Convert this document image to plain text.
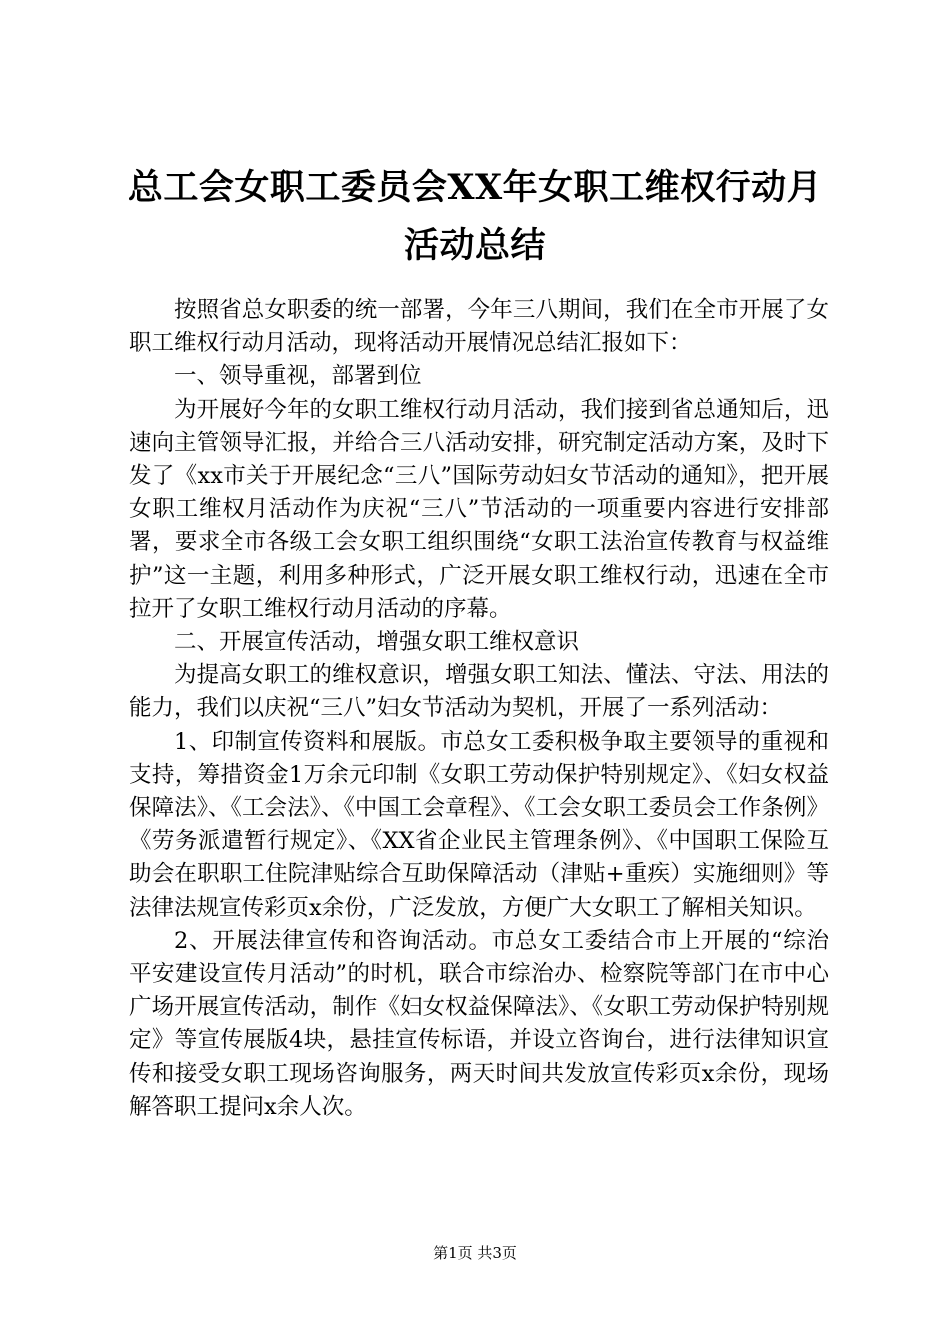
总工会女职工委员会XX年女职工维权行动月
活动总结

按照省总女职委的统一部署，今年三八期间，我们在全市开展了女职工维权行动月活动，现将活动开展情况总结汇报如下：

一、领导重视，部署到位

为开展好今年的女职工维权行动月活动，我们接到省总通知后，迅速向主管领导汇报，并给合三八活动安排，研究制定活动方案，及时下发了《xx市关于开展纪念“三八”国际劳动妇女节活动的通知》，把开展女职工维权月活动作为庆祝“三八”节活动的一项重要内容进行安排部署，要求全市各级工会女职工组织围绕“女职工法治宣传教育与权益维护”这一主题，利用多种形式，广泛开展女职工维权行动，迅速在全市拉开了女职工维权行动月活动的序幕。

二、开展宣传活动，增强女职工维权意识

为提高女职工的维权意识，增强女职工知法、懂法、守法、用法的能力，我们以庆祝“三八”妇女节活动为契机，开展了一系列活动：

1、印制宣传资料和展版。市总女工委积极争取主要领导的重视和支持，筹措资金1万余元印制《女职工劳动保护特别规定》、《妇女权益保障法》、《工会法》、《中国工会章程》、《工会女职工委员会工作条例》《劳务派遣暂行规定》、《XX省企业民主管理条例》、《中国职工保险互助会在职职工住院津贴综合互助保障活动（津贴+重疾）实施细则》等法律法规宣传彩页x余份，广泛发放，方便广大女职工了解相关知识。

2、开展法律宣传和咨询活动。市总女工委结合市上开展的“综治平安建设宣传月活动”的时机，联合市综治办、检察院等部门在市中心广场开展宣传活动，制作《妇女权益保障法》、《女职工劳动保护特别规定》等宣传展版4块，悬挂宣传标语，并设立咨询台，进行法律知识宣传和接受女职工现场咨询服务，两天时间共发放宣传彩页x余份，现场解答职工提问x余人次。

第1页 共3页
